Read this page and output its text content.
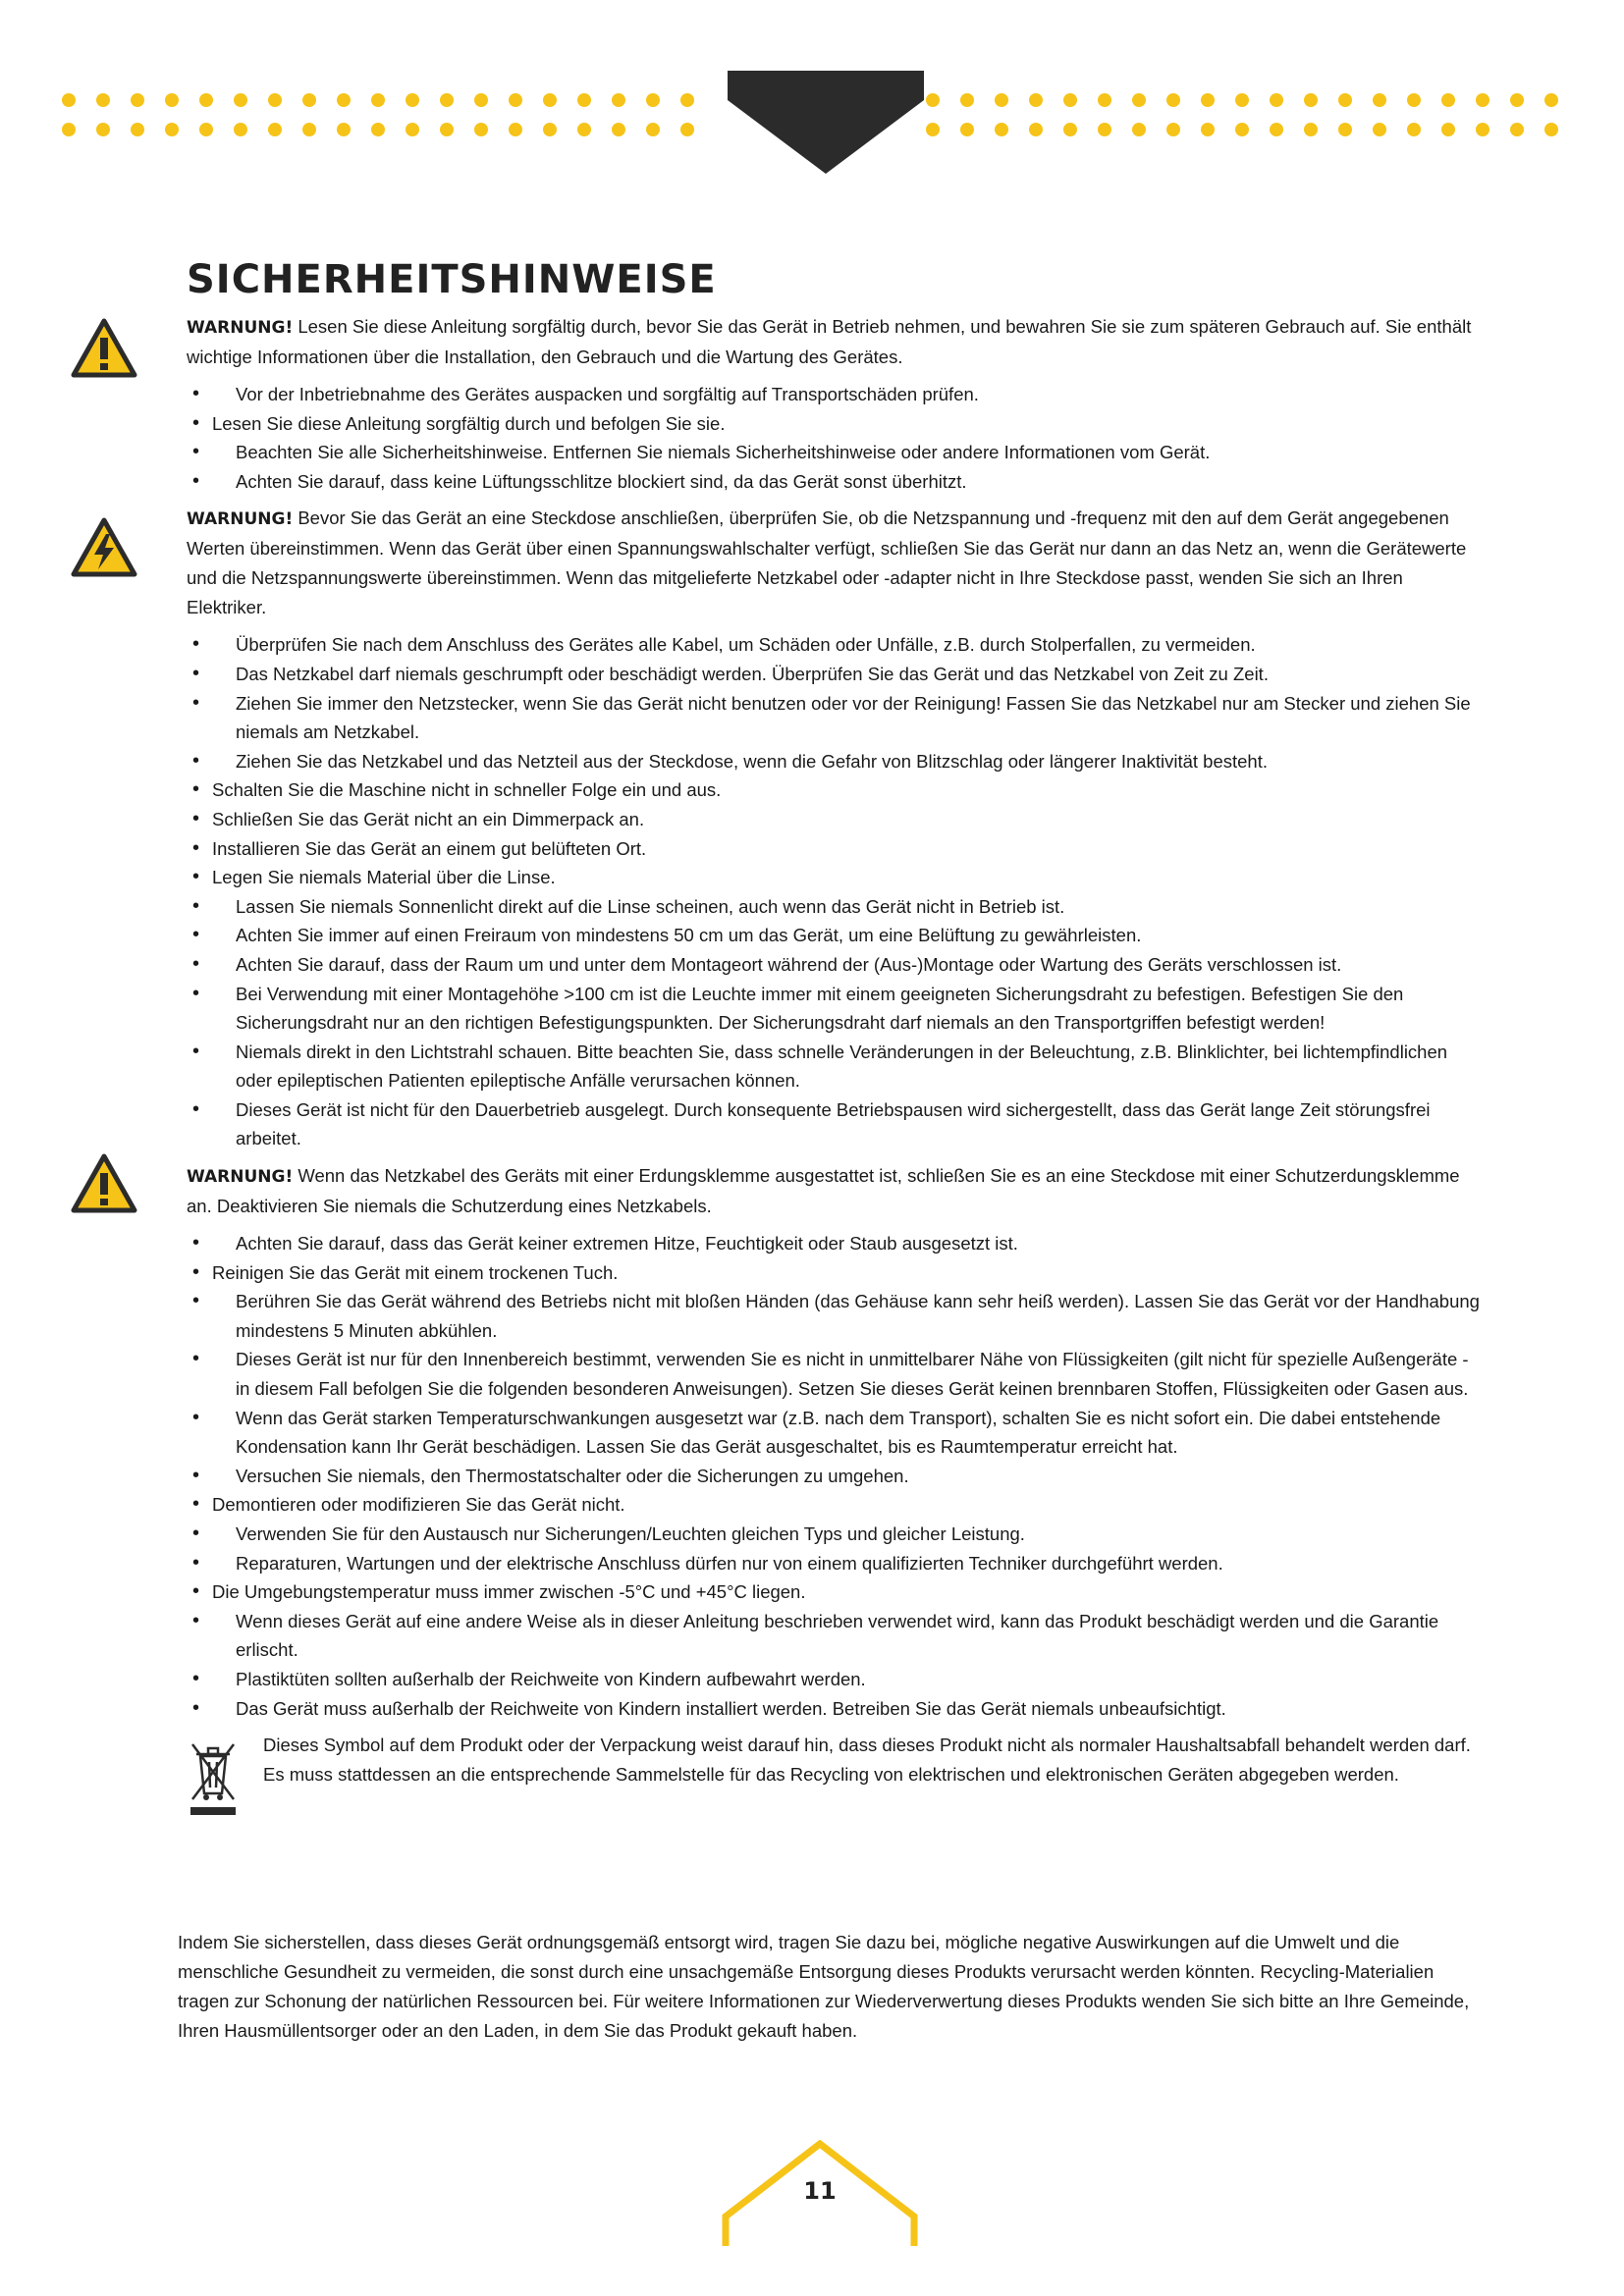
SICHERHEITSHINWEISE

WARNUNG! Lesen Sie diese Anleitung sorgfältig durch, bevor Sie das Gerät in Betrieb nehmen, und bewahren Sie sie zum späteren Gebrauch auf. Sie enthält wichtige Informationen über die Installation, den Gebrauch und die Wartung des Gerätes.

• Vor der Inbetriebnahme des Gerätes auspacken und sorgfältig auf Transportschäden prüfen.
• Lesen Sie diese Anleitung sorgfältig durch und befolgen Sie sie.
• Beachten Sie alle Sicherheitshinweise. Entfernen Sie niemals Sicherheitshinweise oder andere Informationen vom Gerät.
• Achten Sie darauf, dass keine Lüftungsschlitze blockiert sind, da das Gerät sonst überhitzt.

WARNUNG! Bevor Sie das Gerät an eine Steckdose anschließen, überprüfen Sie, ob die Netzspannung und -frequenz mit den auf dem Gerät angegebenen Werten übereinstimmen. Wenn das Gerät über einen Spannungswahlschalter verfügt, schließen Sie das Gerät nur dann an das Netz an, wenn die Gerätewerte und die Netzspannungswerte übereinstimmen. Wenn das mitgelieferte Netzkabel oder -adapter nicht in Ihre Steckdose passt, wenden Sie sich an Ihren Elektriker.

• Überprüfen Sie nach dem Anschluss des Gerätes alle Kabel, um Schäden oder Unfälle, z.B. durch Stolperfallen, zu vermeiden.
• Das Netzkabel darf niemals geschrumpft oder beschädigt werden. Überprüfen Sie das Gerät und das Netzkabel von Zeit zu Zeit.
• Ziehen Sie immer den Netzstecker, wenn Sie das Gerät nicht benutzen oder vor der Reinigung! Fassen Sie das Netzkabel nur am Stecker und ziehen Sie niemals am Netzkabel.
• Ziehen Sie das Netzkabel und das Netzteil aus der Steckdose, wenn die Gefahr von Blitzschlag oder längerer Inaktivität besteht.
• Schalten Sie die Maschine nicht in schneller Folge ein und aus.
• Schließen Sie das Gerät nicht an ein Dimmerpack an.
• Installieren Sie das Gerät an einem gut belüfteten Ort.
• Legen Sie niemals Material über die Linse.
• Lassen Sie niemals Sonnenlicht direkt auf die Linse scheinen, auch wenn das Gerät nicht in Betrieb ist.
• Achten Sie immer auf einen Freiraum von mindestens 50 cm um das Gerät, um eine Belüftung zu gewährleisten.
• Achten Sie darauf, dass der Raum um und unter dem Montageort während der (Aus-)Montage oder Wartung des Geräts verschlossen ist.
• Bei Verwendung mit einer Montagehöhe >100 cm ist die Leuchte immer mit einem geeigneten Sicherungsdraht zu befestigen. Befestigen Sie den Sicherungsdraht nur an den richtigen Befestigungspunkten. Der Sicherungsdraht darf niemals an den Transportgriffen befestigt werden!
• Niemals direkt in den Lichtstrahl schauen. Bitte beachten Sie, dass schnelle Veränderungen in der Beleuchtung, z.B. Blinklichter, bei lichtempfindlichen oder epileptischen Patienten epileptische Anfälle verursachen können.
• Dieses Gerät ist nicht für den Dauerbetrieb ausgelegt. Durch konsequente Betriebspausen wird sichergestellt, dass das Gerät lange Zeit störungsfrei arbeitet.

WARNUNG! Wenn das Netzkabel des Geräts mit einer Erdungsklemme ausgestattet ist, schließen Sie es an eine Steckdose mit einer Schutzerdungsklemme an. Deaktivieren Sie niemals die Schutzerdung eines Netzkabels.

• Achten Sie darauf, dass das Gerät keiner extremen Hitze, Feuchtigkeit oder Staub ausgesetzt ist.
• Reinigen Sie das Gerät mit einem trockenen Tuch.
• Berühren Sie das Gerät während des Betriebs nicht mit bloßen Händen (das Gehäuse kann sehr heiß werden). Lassen Sie das Gerät vor der Handhabung mindestens 5 Minuten abkühlen.
• Dieses Gerät ist nur für den Innenbereich bestimmt, verwenden Sie es nicht in unmittelbarer Nähe von Flüssigkeiten (gilt nicht für spezielle Außengeräte - in diesem Fall befolgen Sie die folgenden besonderen Anweisungen). Setzen Sie dieses Gerät keinen brennbaren Stoffen, Flüssigkeiten oder Gasen aus.
• Wenn das Gerät starken Temperaturschwankungen ausgesetzt war (z.B. nach dem Transport), schalten Sie es nicht sofort ein. Die dabei entstehende Kondensation kann Ihr Gerät beschädigen. Lassen Sie das Gerät ausgeschaltet, bis es Raumtemperatur erreicht hat.
• Versuchen Sie niemals, den Thermostatschalter oder die Sicherungen zu umgehen.
• Demontieren oder modifizieren Sie das Gerät nicht.
• Verwenden Sie für den Austausch nur Sicherungen/Leuchten gleichen Typs und gleicher Leistung.
• Reparaturen, Wartungen und der elektrische Anschluss dürfen nur von einem qualifizierten Techniker durchgeführt werden.
• Die Umgebungstemperatur muss immer zwischen -5°C und +45°C liegen.
• Wenn dieses Gerät auf eine andere Weise als in dieser Anleitung beschrieben verwendet wird, kann das Produkt beschädigt werden und die Garantie erlischt.
• Plastiktüten sollten außerhalb der Reichweite von Kindern aufbewahrt werden.
• Das Gerät muss außerhalb der Reichweite von Kindern installiert werden. Betreiben Sie das Gerät niemals unbeaufsichtigt.

Dieses Symbol auf dem Produkt oder der Verpackung weist darauf hin, dass dieses Produkt nicht als normaler Haushaltsabfall behandelt werden darf. Es muss stattdessen an die entsprechende Sammelstelle für das Recycling von elektrischen und elektronischen Geräten abgegeben werden.

Indem Sie sicherstellen, dass dieses Gerät ordnungsgemäß entsorgt wird, tragen Sie dazu bei, mögliche negative Auswirkungen auf die Umwelt und die menschliche Gesundheit zu vermeiden, die sonst durch eine unsachgemäße Entsorgung dieses Produkts verursacht werden könnten. Recycling-Materialien tragen zur Schonung der natürlichen Ressourcen bei. Für weitere Informationen zur Wiederverwertung dieses Produkts wenden Sie sich bitte an Ihre Gemeinde, Ihren Hausmüllentsorger oder an den Laden, in dem Sie das Produkt gekauft haben.

11
